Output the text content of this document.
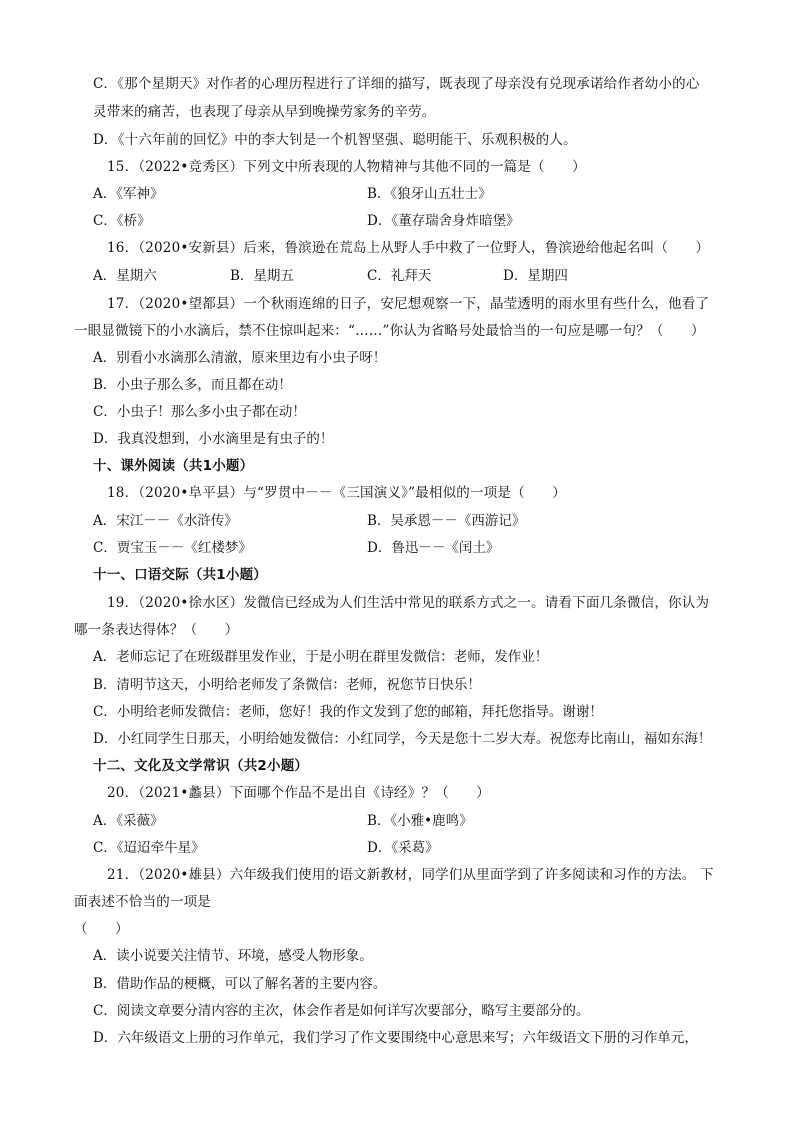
C．《那个星期天》对作者的心理历程进行了详细的描写，既表现了母亲没有兑现承诺给作者幼小的心
灵带来的痛苦，也表现了母亲从早到晚操劳家务的辛劳。
D．《十六年前的回忆》中的李大钊是一个机智坚强、聪明能干、乐观积极的人。
15．（2022•竞秀区）下列文中所表现的人物精神与其他不同的一篇是（　　）
A．《军神》	B．《狼牙山五壮士》
C．《桥》	D．《董存瑞舍身炸暗堡》
16．（2020•安新县）后来，鲁滨逊在荒岛上从野人手中救了一位野人，鲁滨逊给他起名叫（　　）
A．星期六	B．星期五	C．礼拜天	D．星期四
17．（2020•望都县）一个秋雨连绵的日子，安尼想观察一下，晶莹透明的雨水里有些什么，他看了
一眼显微镜下的小水滴后，禁不住惊叫起来：“……”你认为省略号处最恰当的一句应是哪一句？（　　）
A．别看小水滴那么清澈，原来里边有小虫子呀！
B．小虫子那么多，而且都在动！
C．小虫子！那么多小虫子都在动！
D．我真没想到，小水滴里是有虫子的！
十、课外阅读（共1小题）
18．（2020•阜平县）与“罗贯中－－《三国演义》”最相似的一项是（　　）
A．宋江－－《水浒传》	B．吴承恩－－《西游记》
C．贾宝玉－－《红楼梦》	D．鲁迅－－《闰土》
十一、口语交际（共1小题）
19．（2020•徐水区）发微信已经成为人们生活中常见的联系方式之一。请看下面几条微信，你认为
哪一条表达得体？（　　）
A．老师忘记了在班级群里发作业，于是小明在群里发微信：老师，发作业！
B．清明节这天，小明给老师发了条微信：老师，祝您节日快乐！
C．小明给老师发微信：老师，您好！我的作文发到了您的邮箱，拜托您指导。谢谢！
D．小红同学生日那天，小明给她发微信：小红同学，今天是您十二岁大寿。祝您寿比南山，福如东海！
十二、文化及文学常识（共2小题）
20．（2021•蠡县）下面哪个作品不是出自《诗经》？（　　）
A．《采薇》	B．《小雅•鹿鸣》
C．《迢迢牵牛星》	D．《采葛》
21．（2020•雄县）六年级我们使用的语文新教材，同学们从里面学到了许多阅读和习作的方法。 下
面表述不恰当的一项是
（　　）
A．读小说要关注情节、环境，感受人物形象。
B．借助作品的梗概，可以了解名著的主要内容。
C．阅读文章要分清内容的主次，体会作者是如何详写次要部分，略写主要部分的。
D．六年级语文上册的习作单元，我们学习了作文要围绕中心意思来写；六年级语文下册的习作单元，
